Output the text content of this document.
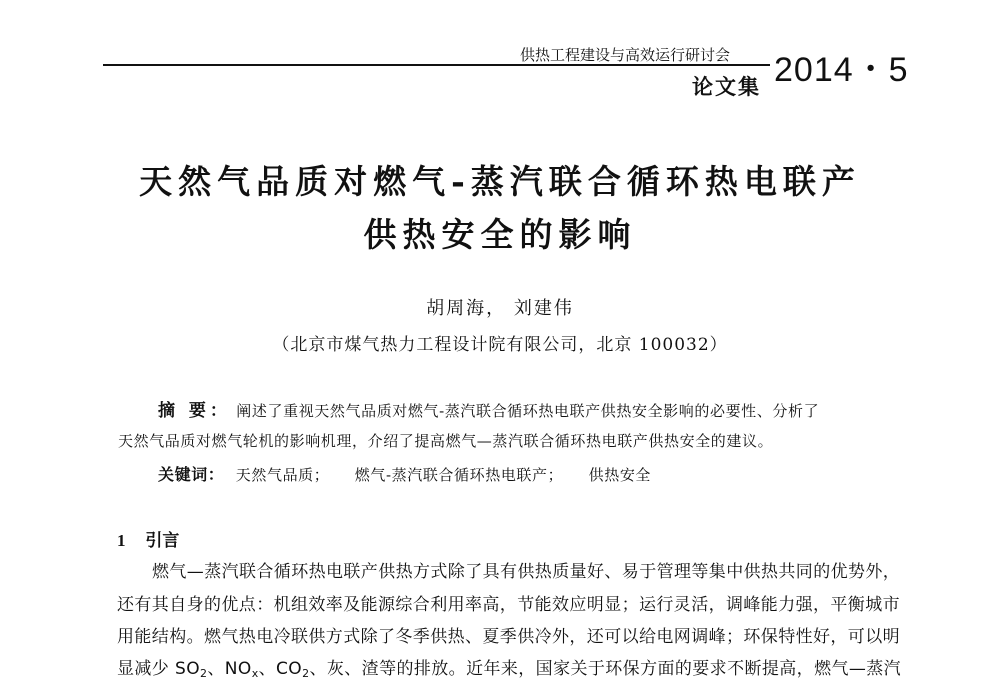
供热工程建设与高效运行研讨会
论文集 2014・5
天然气品质对燃气-蒸汽联合循环热电联产
供热安全的影响
胡周海， 刘建伟
（北京市煤气热力工程设计院有限公司，北京 100032）
摘 要： 阐述了重视天然气品质对燃气-蒸汽联合循环热电联产供热安全影响的必要性、分析了
天然气品质对燃气轮机的影响机理，介绍了提高燃气—蒸汽联合循环热电联产供热安全的建议。
关键词： 天然气品质； 燃气-蒸汽联合循环热电联产； 供热安全
1 引言
燃气—蒸汽联合循环热电联产供热方式除了具有供热质量好、易于管理等集中供热共同的优势外，
还有其自身的优点：机组效率及能源综合利用率高，节能效应明显；运行灵活，调峰能力强，平衡城市
用能结构。燃气热电冷联供方式除了冬季供热、夏季供冷外，还可以给电网调峰；环保特性好，可以明
显减少 $SO_2$、$NO_x$、$CO_2$、灰、渣等的排放。近年来，国家关于环保方面的要求不断提高，燃气—蒸汽
